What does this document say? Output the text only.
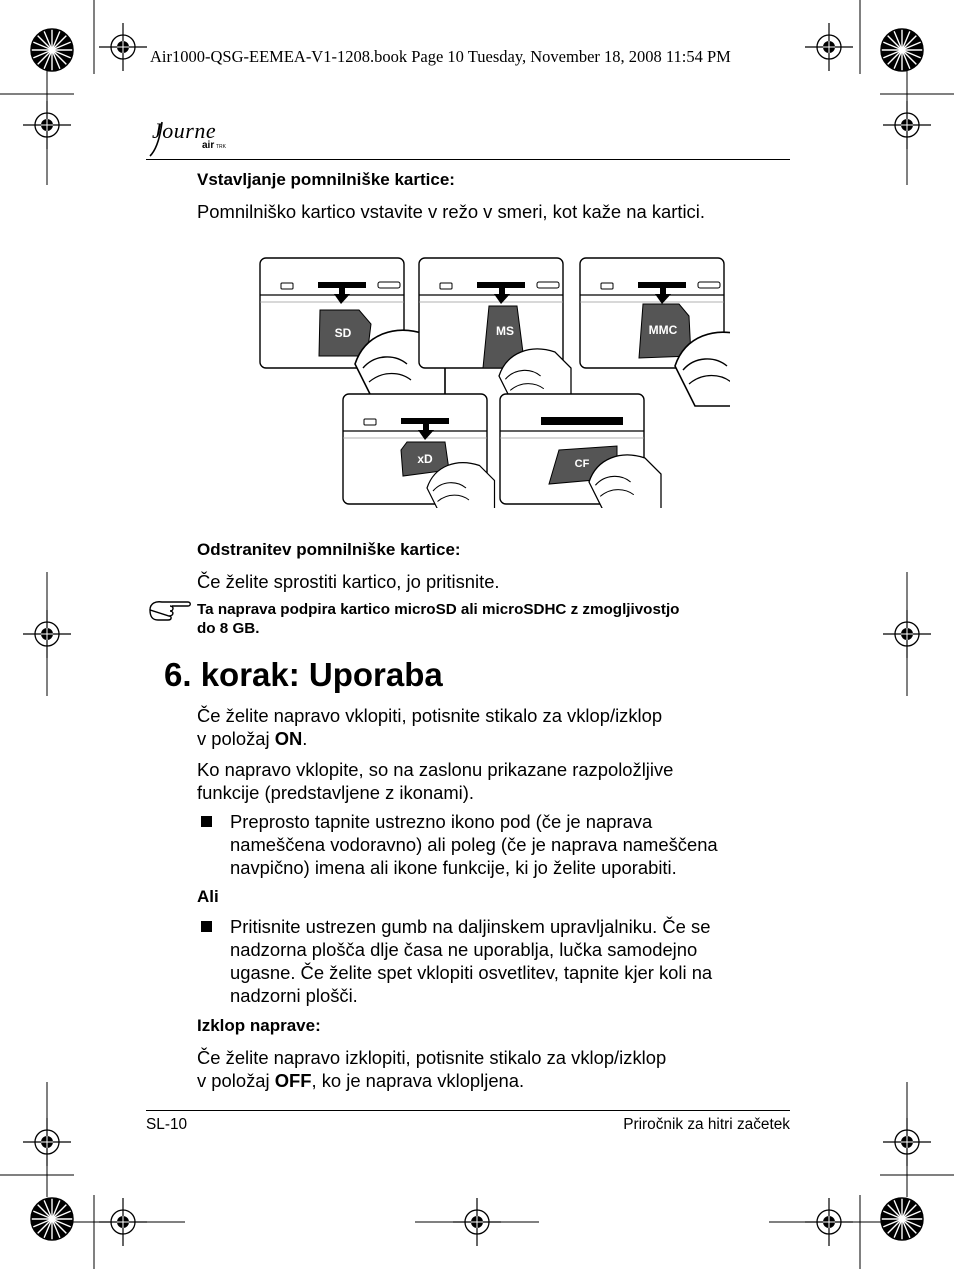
Air1000-QSG-EEMEA-V1-1208.book Page 10 Tuesday, November 18, 2008 11:54 PM
Journe
air TRK
Vstavljanje pomnilniške kartice:
Pomnilniško kartico vstavite v režo v smeri, kot kaže na kartici.
SD	MS	MMC
xD	CF
Odstranitev pomnilniške kartice:
Če želite sprostiti kartico, jo pritisnite.
Ta naprava podpira kartico microSD ali microSDHC z zmogljivostjo
do 8 GB.
6. korak: Uporaba
Če želite napravo vklopiti, potisnite stikalo za vklop/izklop
v položaj ON.
Ko napravo vklopite, so na zaslonu prikazane razpoložljive
funkcije (predstavljene z ikonami).
Preprosto tapnite ustrezno ikono pod (če je naprava
nameščena vodoravno) ali poleg (če je naprava nameščena
navpično) imena ali ikone funkcije, ki jo želite uporabiti.
Ali
Pritisnite ustrezen gumb na daljinskem upravljalniku. Če se
nadzorna plošča dlje časa ne uporablja, lučka samodejno
ugasne. Če želite spet vklopiti osvetlitev, tapnite kjer koli na
nadzorni plošči.
Izklop naprave:
Če želite napravo izklopiti, potisnite stikalo za vklop/izklop
v položaj OFF, ko je naprava vklopljena.
SL-10	Priročnik za hitri začetek
